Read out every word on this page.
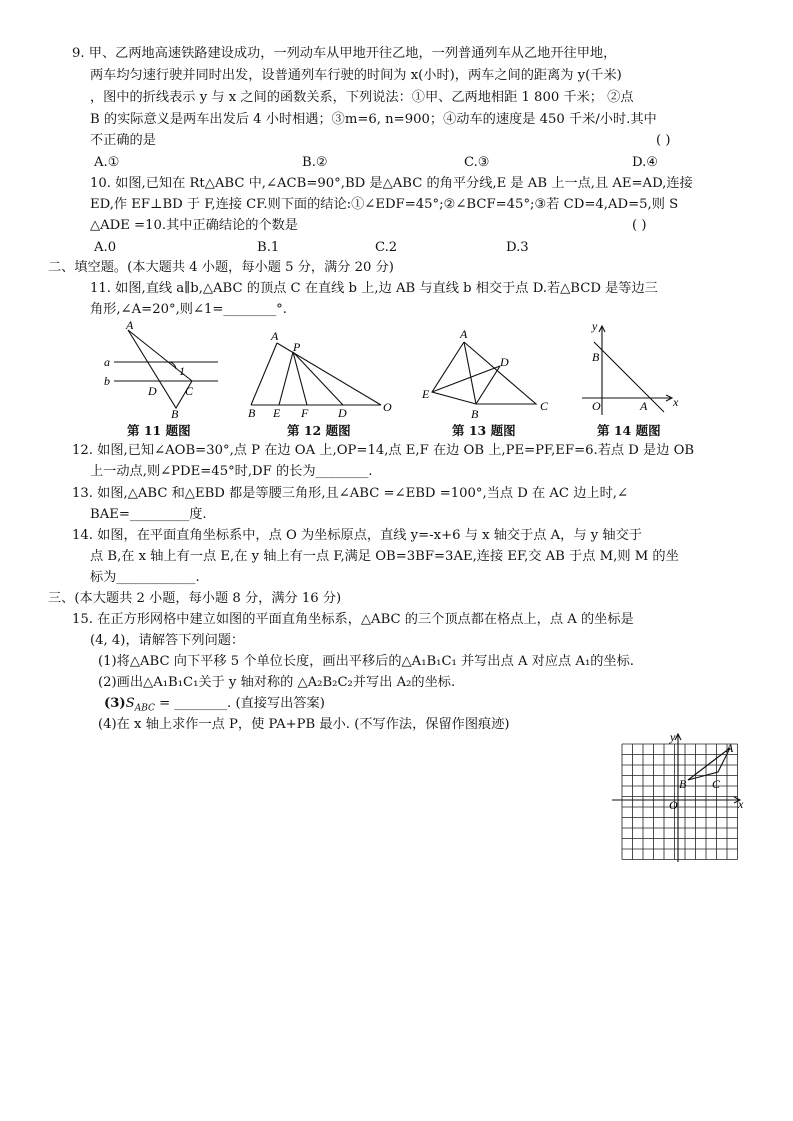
9. 甲、乙两地高速铁路建设成功，一列动车从甲地开往乙地，一列普通列车从乙地开往甲地，
两车均匀速行驶并同时出发，设普通列车行驶的时间为 x(小时)，两车之间的距离为 y(千米)
，图中的折线表示 y 与 x 之间的函数关系，下列说法：①甲、乙两地相距 1 800 千米； ②点
B 的实际意义是两车出发后 4 小时相遇；③m=6, n=900；④动车的速度是 450 千米/小时.其中
不正确的是	( )
A.①	B.②	C.③	D.④
10. 如图,已知在 Rt△ABC 中,∠ACB=90°,BD 是△ABC 的角平分线,E 是 AB 上一点,且 AE=AD,连接
ED,作 EF⊥BD 于 F,连接 CF.则下面的结论:①∠EDF=45°;②∠BCF=45°;③若 CD=4,AD=5,则 S
△ADE =10.其中正确结论的个数是	( )
A.0	B.1	C.2	D.3
二、填空题。(本大题共 4 小题，每小题 5 分，满分 20 分)
11. 如图,直线 a∥b,△ABC 的顶点 C 在直线 b 上,边 AB 与直线 b 相交于点 D.若△BCD 是等边三
角形,∠A=20°,则∠1=________°.
A
a
b
1
D C
B
第 11 题图
A
P
B E F D	O
第 12 题图
A
D
E
B
C
第 13 题图
y
B
O	A x
第 14 题图
12. 如图,已知∠AOB=30°,点 P 在边 OA 上,OP=14,点 E,F 在边 OB 上,PE=PF,EF=6.若点 D 是边 OB
上一动点,则∠PDE=45°时,DF 的长为________.
13. 如图,△ABC 和△EBD 都是等腰三角形,且∠ABC =∠EBD =100°,当点 D 在 AC 边上时,∠
BAE=_________度.
14. 如图，在平面直角坐标系中，点 O 为坐标原点，直线 y=-x+6 与 x 轴交于点 A，与 y 轴交于
点 B,在 x 轴上有一点 E,在 y 轴上有一点 F,满足 OB=3BF=3AE,连接 EF,交 AB 于点 M,则 M 的坐
标为____________.
三、(本大题共 2 小题，每小题 8 分，满分 16 分)
15. 在正方形网格中建立如图的平面直角坐标系，△ABC 的三个顶点都在格点上，点 A 的坐标是
(4, 4)，请解答下列问题：
(1)将△ABC 向下平移 5 个单位长度，画出平移后的△A₁B₁C₁ 并写出点 A 对应点 A₁的坐标.
(2)画出△A₁B₁C₁关于 y 轴对称的 △A₂B₂C₂并写出 A₂的坐标.
$(3)S_{ABC}$ = ________. (直接写出答案)
(4)在 x 轴上求作一点 P，使 PA+PB 最小. (不写作法，保留作图痕迹)
y
x
A
B C
O
